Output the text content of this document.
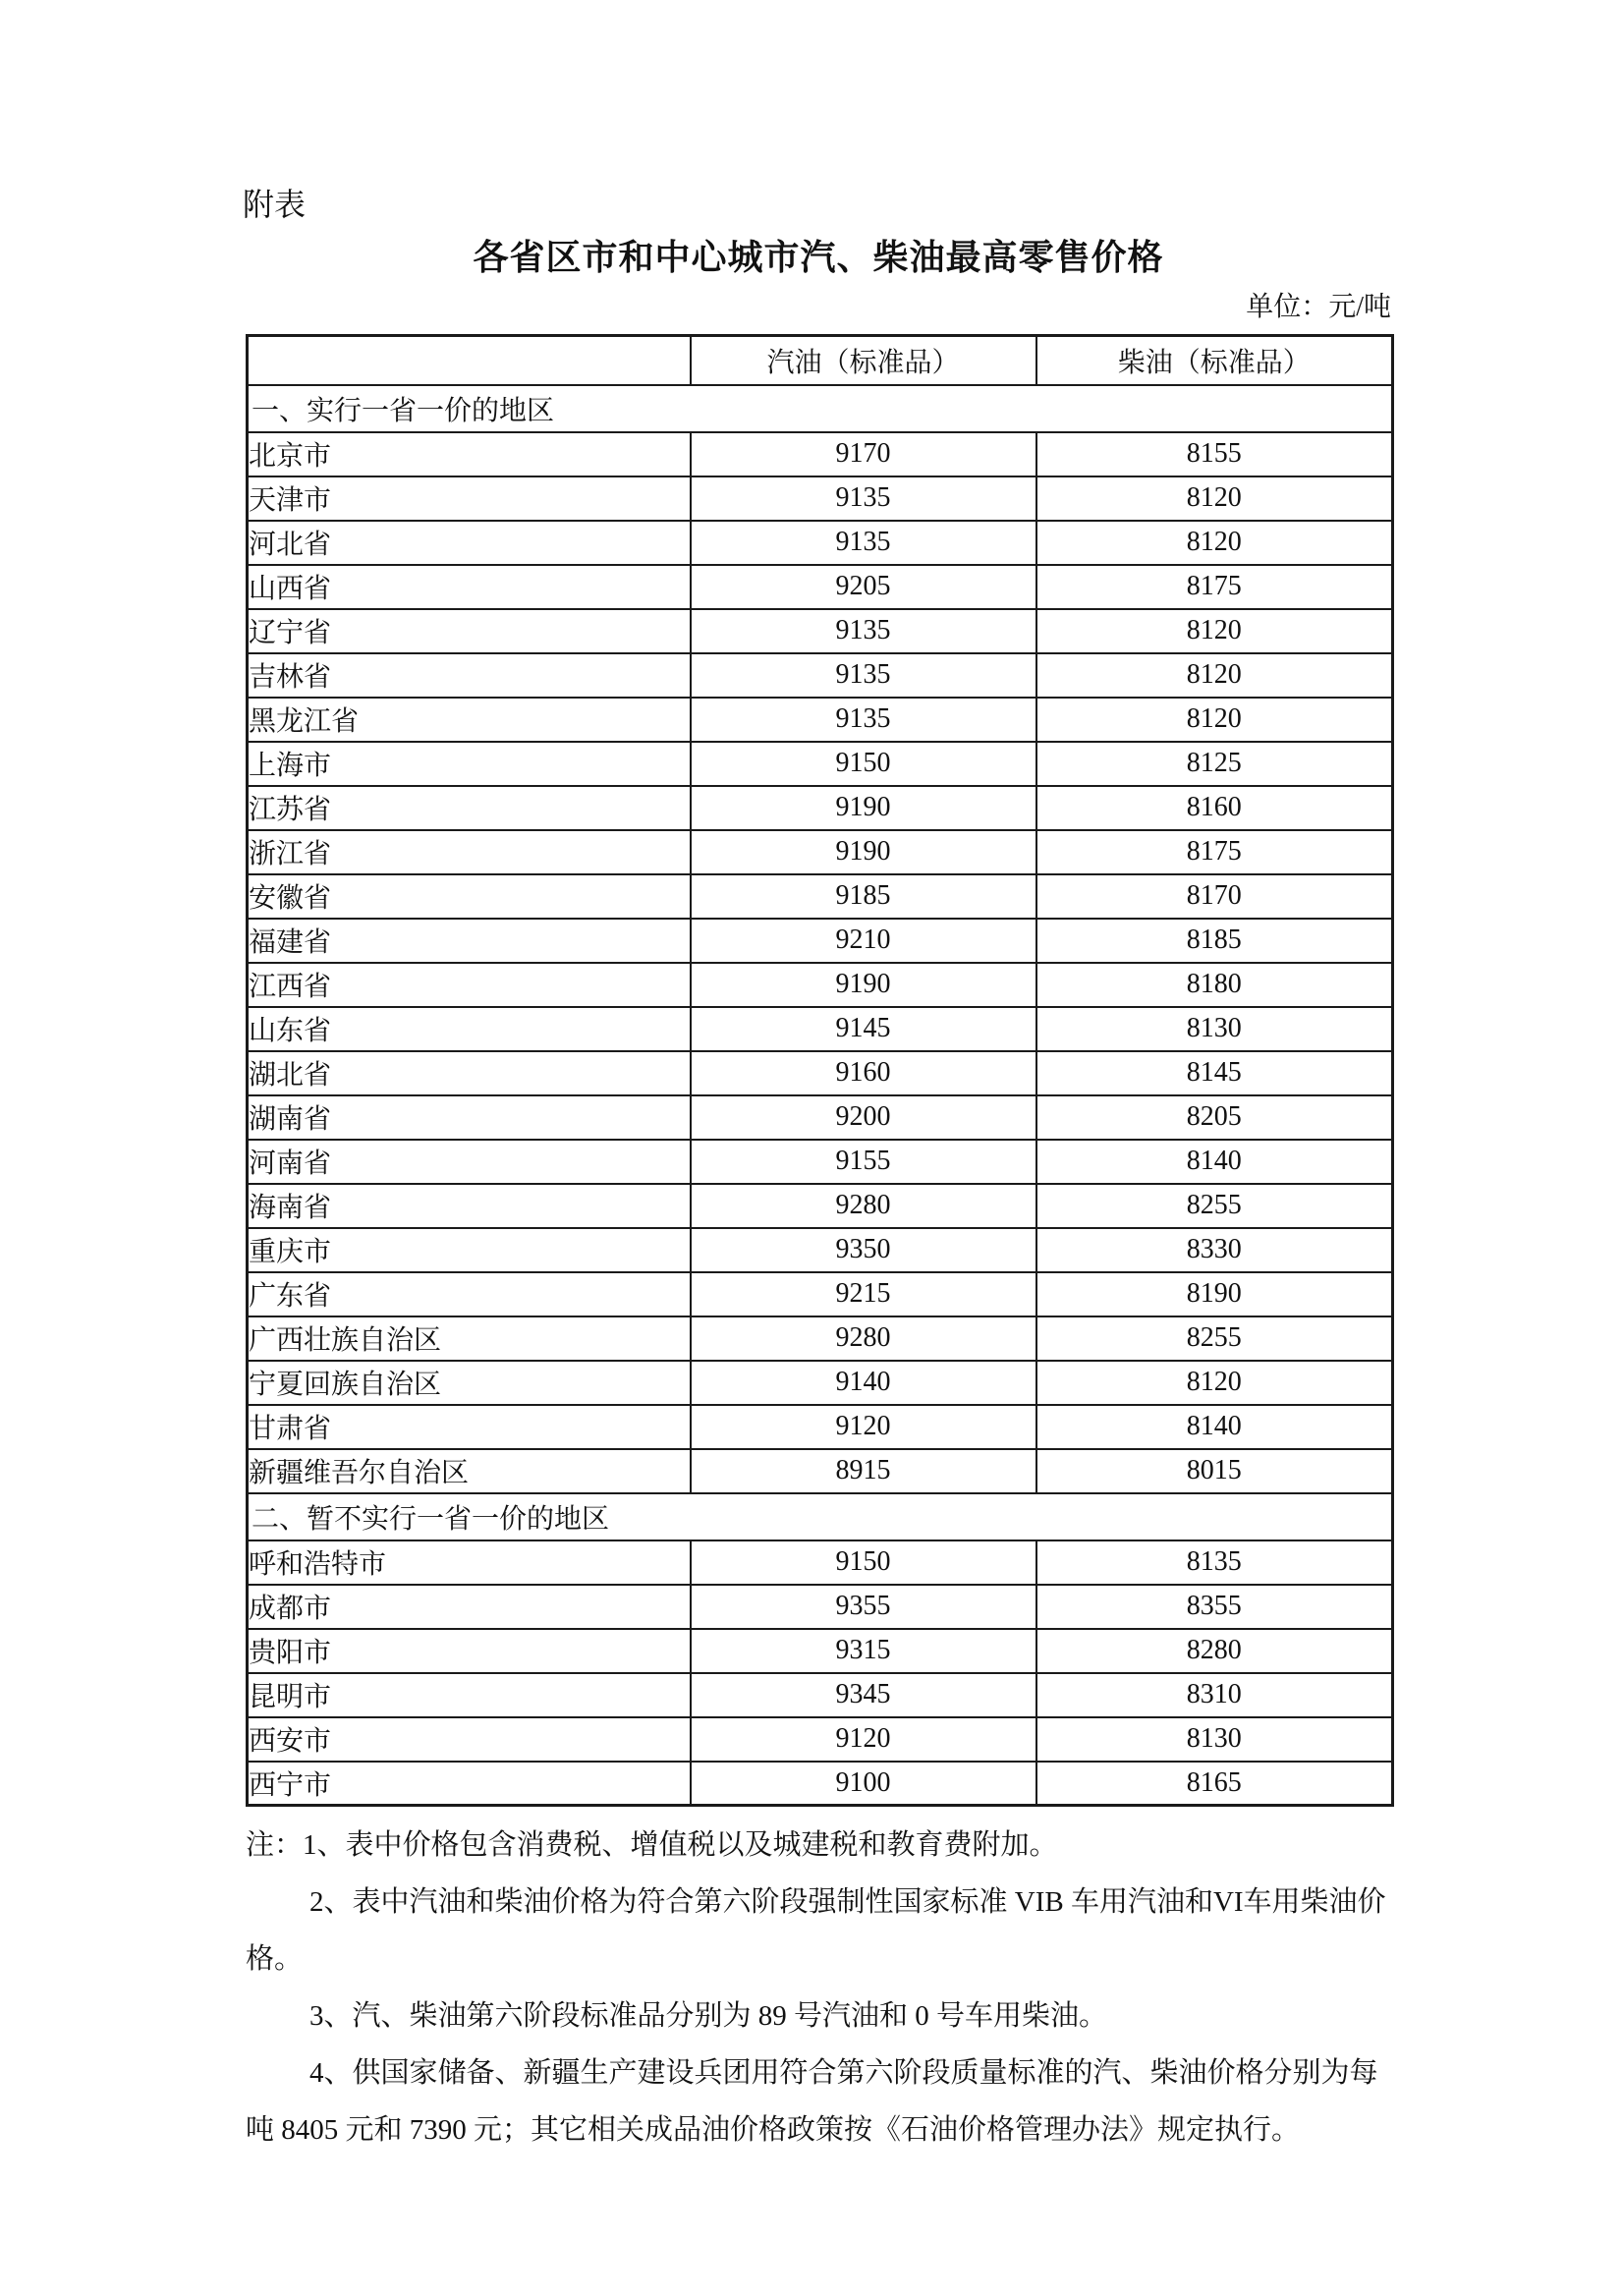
附表
各省区市和中心城市汽、柴油最高零售价格
单位：元/吨
	汽油（标准品）	柴油（标准品）
一、实行一省一价的地区		
北京市	9170	8155
天津市	9135	8120
河北省	9135	8120
山西省	9205	8175
辽宁省	9135	8120
吉林省	9135	8120
黑龙江省	9135	8120
上海市	9150	8125
江苏省	9190	8160
浙江省	9190	8175
安徽省	9185	8170
福建省	9210	8185
江西省	9190	8180
山东省	9145	8130
湖北省	9160	8145
湖南省	9200	8205
河南省	9155	8140
海南省	9280	8255
重庆市	9350	8330
广东省	9215	8190
广西壮族自治区	9280	8255
宁夏回族自治区	9140	8120
甘肃省	9120	8140
新疆维吾尔自治区	8915	8015
二、暂不实行一省一价的地区		
呼和浩特市	9150	8135
成都市	9355	8355
贵阳市	9315	8280
昆明市	9345	8310
西安市	9120	8130
西宁市	9100	8165
注：1、表中价格包含消费税、增值税以及城建税和教育费附加。
2、表中汽油和柴油价格为符合第六阶段强制性国家标准 VIB 车用汽油和VI车用柴油价
格。
3、汽、柴油第六阶段标准品分别为 89 号汽油和 0 号车用柴油。
4、供国家储备、新疆生产建设兵团用符合第六阶段质量标准的汽、柴油价格分别为每
吨 8405 元和 7390 元；其它相关成品油价格政策按《石油价格管理办法》规定执行。
